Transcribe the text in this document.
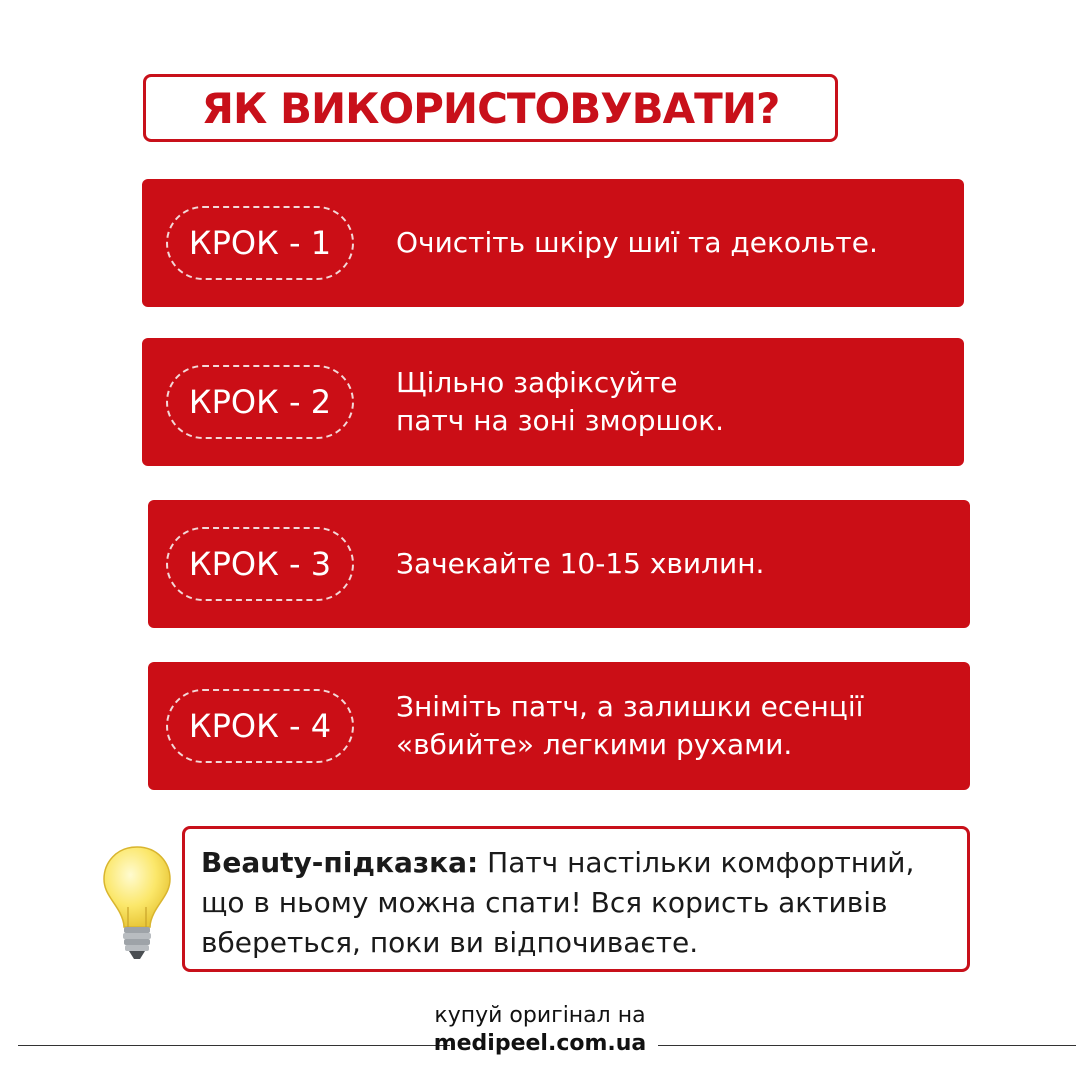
ЯК ВИКОРИСТОВУВАТИ?
КРОК - 1	Очистіть шкіру шиї та декольте.
КРОК - 2
Щільно зафіксуйте
патч на зоні зморшок.
КРОК - 3	Зачекайте 10-15 хвилин.
КРОК - 4
Зніміть патч, а залишки есенції
«вбийте» легкими рухами.
Beauty-підказка: Патч настільки комфортний,
що в ньому можна спати! Вся користь активів
вбереться, поки ви відпочиваєте.
купуй оригінал на
medipeel.com.ua
